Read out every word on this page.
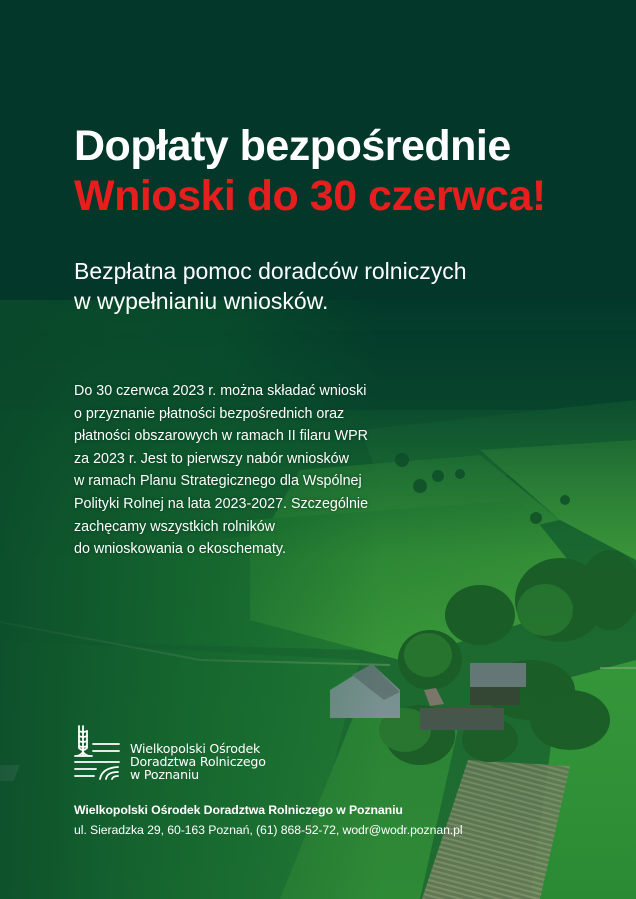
Dopłaty bezpośrednie
Wnioski do 30 czerwca!
Bezpłatna pomoc doradców rolniczych
w wypełnianiu wniosków.

Do 30 czerwca 2023 r. można składać wnioski
o przyznanie płatności bezpośrednich oraz
płatności obszarowych w ramach II filaru WPR
za 2023 r. Jest to pierwszy nabór wniosków
w ramach Planu Strategicznego dla Wspólnej
Polityki Rolnej na lata 2023-2027. Szczególnie
zachęcamy wszystkich rolników
do wnioskowania o ekoschematy.

Wielkopolski Ośrodek
Doradztwa Rolniczego
w Poznaniu
Wielkopolski Ośrodek Doradztwa Rolniczego w Poznaniu
ul. Sieradzka 29, 60-163 Poznań, (61) 868-52-72, wodr@wodr.poznan.pl
